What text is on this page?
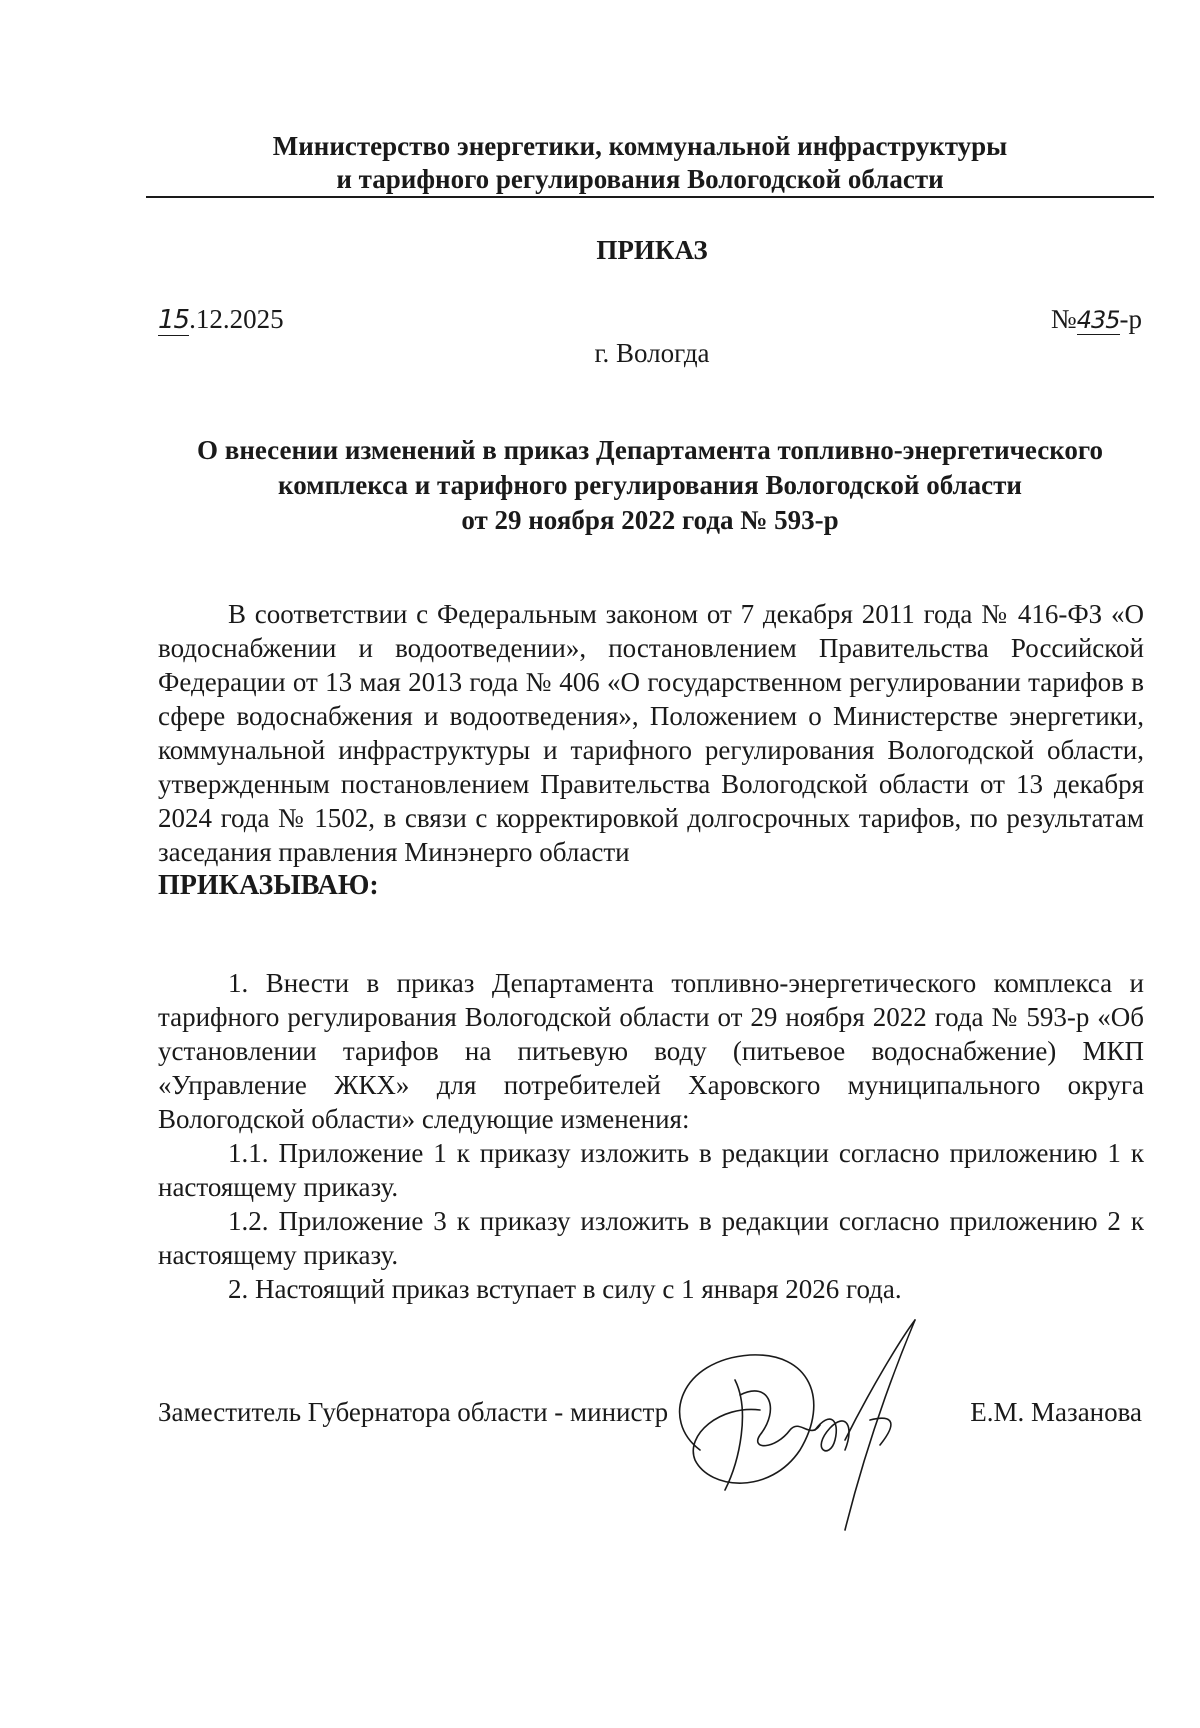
Министерство энергетики, коммунальной инфраструктуры
и тарифного регулирования Вологодской области
ПРИКАЗ
15.12.2025	№435-р
г. Вологда
О внесении изменений в приказ Департамента топливно-энергетического
комплекса и тарифного регулирования Вологодской области
от 29 ноября 2022 года № 593-р

В соответствии с Федеральным законом от 7 декабря 2011 года № 416-ФЗ «О водоснабжении и водоотведении», постановлением Правительства Российской Федерации от 13 мая 2013 года № 406 «О государственном регулировании тарифов в сфере водоснабжения и водоотведения», Положением о Министерстве энергетики, коммунальной инфраструктуры и тарифного регулирования Вологодской области, утвержденным постановлением Правительства Вологодской области от 13 декабря 2024 года № 1502, в связи с корректировкой долгосрочных тарифов, по результатам заседания правления Минэнерго области

ПРИКАЗЫВАЮ:

1. Внести в приказ Департамента топливно-энергетического комплекса и тарифного регулирования Вологодской области от 29 ноября 2022 года № 593-р «Об установлении тарифов на питьевую воду (питьевое водоснабжение) МКП «Управление ЖКХ» для потребителей Харовского муниципального округа Вологодской области» следующие изменения:

1.1. Приложение 1 к приказу изложить в редакции согласно приложению 1 к настоящему приказу.

1.2. Приложение 3 к приказу изложить в редакции согласно приложению 2 к настоящему приказу.

2. Настоящий приказ вступает в силу с 1 января 2026 года.

Заместитель Губернатора области - министр	Е.М. Мазанова
